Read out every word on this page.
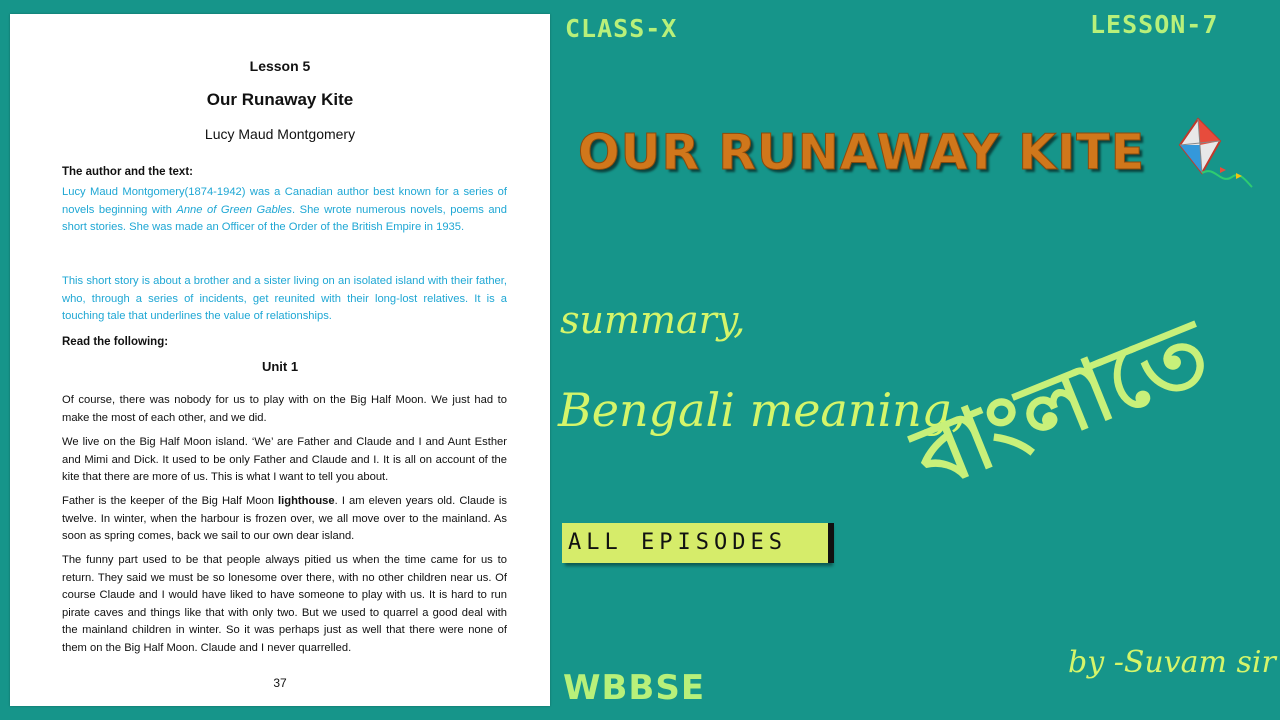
Lesson 5
Our Runaway Kite
Lucy Maud Montgomery
The author and the text:
Lucy Maud Montgomery(1874-1942) was a Canadian author best known for a series of novels beginning with Anne of Green Gables. She wrote numerous novels, poems and short stories. She was made an Officer of the Order of the British Empire in 1935.
This short story is about a brother and a sister living on an isolated island with their father, who, through a series of incidents, get reunited with their long-lost relatives. It is a touching tale that underlines the value of relationships.
Read the following:
Unit 1
Of course, there was nobody for us to play with on the Big Half Moon. We just had to make the most of each other, and we did.
We live on the Big Half Moon island. ‘We’ are Father and Claude and I and Aunt Esther and Mimi and Dick. It used to be only Father and Claude and I. It is all on account of the kite that there are more of us. This is what I want to tell you about.
Father is the keeper of the Big Half Moon lighthouse. I am eleven years old. Claude is twelve. In winter, when the harbour is frozen over, we all move over to the mainland. As soon as spring comes, back we sail to our own dear island.
The funny part used to be that people always pitied us when the time came for us to return. They said we must be so lonesome over there, with no other children near us. Of course Claude and I would have liked to have someone to play with us. It is hard to run pirate caves and things like that with only two. But we used to quarrel a good deal with the mainland children in winter. So it was perhaps just as well that there were none of them on the Big Half Moon. Claude and I never quarrelled.
37
CLASS-X	LESSON-7
OUR RUNAWAY KITE
summary,
Bengali meaning,
বাংলাতে
ALL EPISODES
WBBSE
by -Suvam sir
